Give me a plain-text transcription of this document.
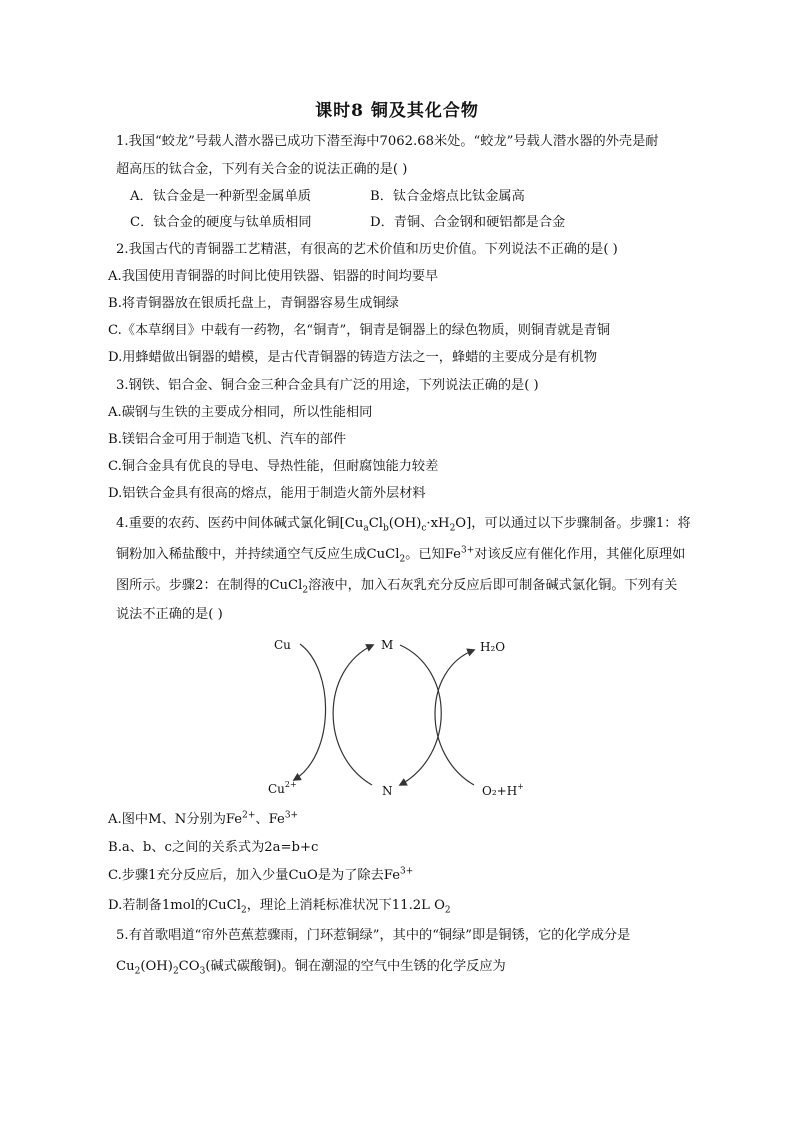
课时8 铜及其化合物
1.我国“蛟龙”号载人潜水器已成功下潜至海中7062.68米处。“蛟龙”号载人潜水器的外壳是耐
超高压的钛合金，下列有关合金的说法正确的是( )
A．钛合金是一种新型金属单质	B．钛合金熔点比钛金属高
C．钛合金的硬度与钛单质相同	D．青铜、合金钢和硬铝都是合金
2.我国古代的青铜器工艺精湛，有很高的艺术价值和历史价值。下列说法不正确的是( )
A.我国使用青铜器的时间比使用铁器、铝器的时间均要早
B.将青铜器放在银质托盘上，青铜器容易生成铜绿
C.《本草纲目》中载有一药物，名“铜青”，铜青是铜器上的绿色物质，则铜青就是青铜
D.用蜂蜡做出铜器的蜡模，是古代青铜器的铸造方法之一，蜂蜡的主要成分是有机物
3.钢铁、铝合金、铜合金三种合金具有广泛的用途，下列说法正确的是( )
A.碳钢与生铁的主要成分相同，所以性能相同
B.镁铝合金可用于制造飞机、汽车的部件
C.铜合金具有优良的导电、导热性能，但耐腐蚀能力较差
D.铝铁合金具有很高的熔点，能用于制造火箭外层材料
4.重要的农药、医药中间体碱式氯化铜$[Cu_aCl_b(OH)_c\cdot xH_2O]$，可以通过以下步骤制备。步骤1：将
铜粉加入稀盐酸中，并持续通空气反应生成CuCl$_2$。已知$Fe^{3+}$对该反应有催化作用，其催化原理如
图所示。步骤2：在制得的CuCl$_2$溶液中，加入石灰乳充分反应后即可制备碱式氯化铜。下列有关
说法不正确的是( )
Cu	M	H₂O
$Cu^{2+}$	N	O₂+H+
A.图中M、N分别为$Fe^{2+}$、$Fe^{3+}$
B.a、b、c之间的关系式为2a=b+c
C.步骤1充分反应后，加入少量CuO是为了除去$Fe^{3+}$
D.若制备1mol的CuCl$_2$，理论上消耗标准状况下11.2L $O_2$
5.有首歌唱道“帘外芭蕉惹骤雨，门环惹铜绿”，其中的“铜绿”即是铜锈，它的化学成分是
$Cu_2(OH)_2CO_3$(碱式碳酸铜)。铜在潮湿的空气中生锈的化学反应为
